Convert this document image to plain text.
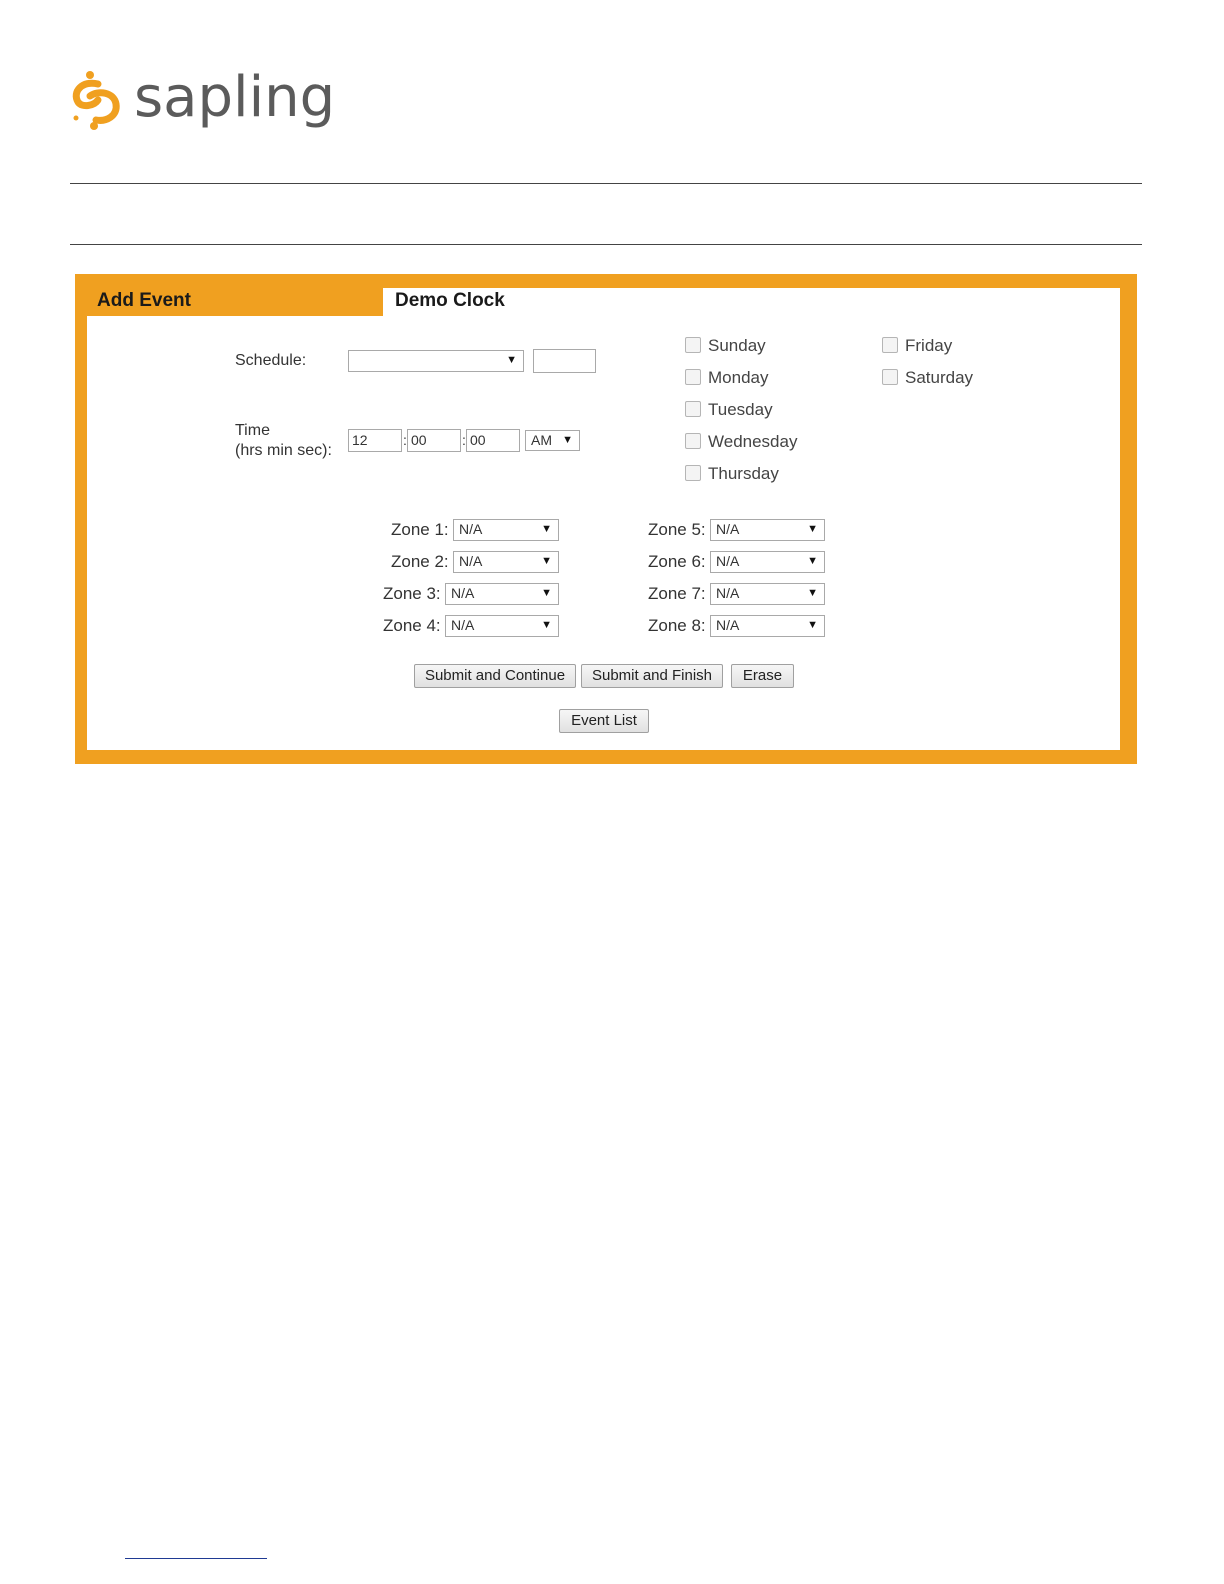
sapling
Add Event	Demo Clock
Schedule:	▼
Time
(hrs min sec):
12	: 00	: 00	AM ▼
Sunday
Monday
Tuesday
Wednesday
Thursday
Friday
Saturday
Zone 1: N/A	▼
Zone 2: N/A	▼
Zone 3: N/A	▼
Zone 4: N/A	▼
Zone 5: N/A	▼
Zone 6: N/A	▼
Zone 7: N/A	▼
Zone 8: N/A	▼
Submit and Continue	Submit and Finish	Erase
Event List
